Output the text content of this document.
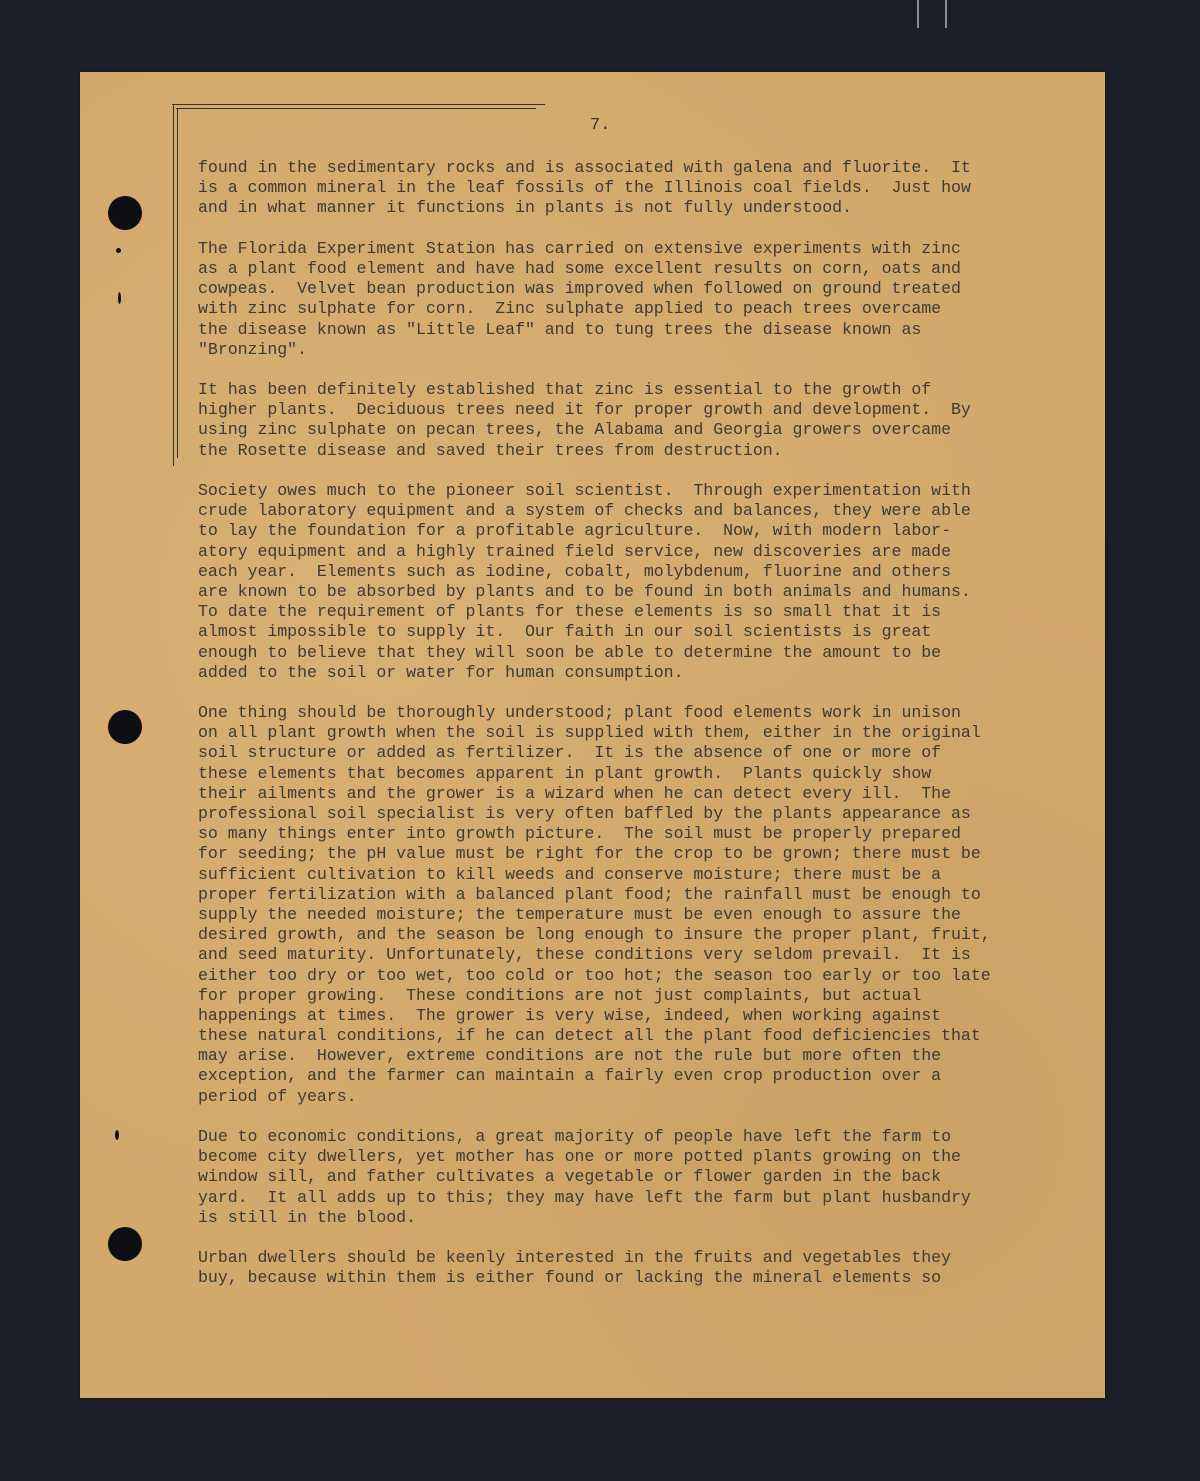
7.
found in the sedimentary rocks and is associated with galena and fluorite.  It
is a common mineral in the leaf fossils of the Illinois coal fields.  Just how
and in what manner it functions in plants is not fully understood.
The Florida Experiment Station has carried on extensive experiments with zinc
as a plant food element and have had some excellent results on corn, oats and
cowpeas.  Velvet bean production was improved when followed on ground treated
with zinc sulphate for corn.  Zinc sulphate applied to peach trees overcame
the disease known as "Little Leaf" and to tung trees the disease known as
"Bronzing".
It has been definitely established that zinc is essential to the growth of
higher plants.  Deciduous trees need it for proper growth and development.  By
using zinc sulphate on pecan trees, the Alabama and Georgia growers overcame
the Rosette disease and saved their trees from destruction.
Society owes much to the pioneer soil scientist.  Through experimentation with
crude laboratory equipment and a system of checks and balances, they were able
to lay the foundation for a profitable agriculture.  Now, with modern labor-
atory equipment and a highly trained field service, new discoveries are made
each year.  Elements such as iodine, cobalt, molybdenum, fluorine and others
are known to be absorbed by plants and to be found in both animals and humans.
To date the requirement of plants for these elements is so small that it is
almost impossible to supply it.  Our faith in our soil scientists is great
enough to believe that they will soon be able to determine the amount to be
added to the soil or water for human consumption.
One thing should be thoroughly understood; plant food elements work in unison
on all plant growth when the soil is supplied with them, either in the original
soil structure or added as fertilizer.  It is the absence of one or more of
these elements that becomes apparent in plant growth.  Plants quickly show
their ailments and the grower is a wizard when he can detect every ill.  The
professional soil specialist is very often baffled by the plants appearance as
so many things enter into growth picture.  The soil must be properly prepared
for seeding; the pH value must be right for the crop to be grown; there must be
sufficient cultivation to kill weeds and conserve moisture; there must be a
proper fertilization with a balanced plant food; the rainfall must be enough to
supply the needed moisture; the temperature must be even enough to assure the
desired growth, and the season be long enough to insure the proper plant, fruit,
and seed maturity. Unfortunately, these conditions very seldom prevail.  It is
either too dry or too wet, too cold or too hot; the season too early or too late
for proper growing.  These conditions are not just complaints, but actual
happenings at times.  The grower is very wise, indeed, when working against
these natural conditions, if he can detect all the plant food deficiencies that
may arise.  However, extreme conditions are not the rule but more often the
exception, and the farmer can maintain a fairly even crop production over a
period of years.
Due to economic conditions, a great majority of people have left the farm to
become city dwellers, yet mother has one or more potted plants growing on the
window sill, and father cultivates a vegetable or flower garden in the back
yard.  It all adds up to this; they may have left the farm but plant husbandry
is still in the blood.
Urban dwellers should be keenly interested in the fruits and vegetables they
buy, because within them is either found or lacking the mineral elements so
